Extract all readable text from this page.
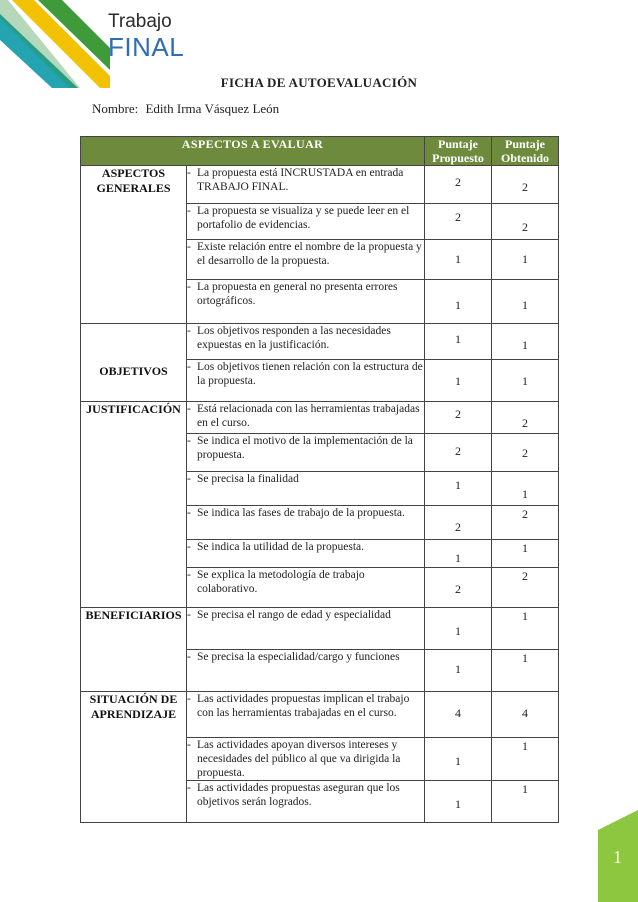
Trabajo
FINAL
FICHA DE AUTOEVALUACIÓN
Nombre: Edith Irma Vásquez León
ASPECTOS A EVALUAR		Puntaje Propuesto	Puntaje Obtenido
ASPECTOS GENERALES	- La propuesta está INCRUSTADA en entrada TRABAJO FINAL.	2	2

	- La propuesta se visualiza y se puede leer en el portafolio de evidencias.	2	2

	- Existe relación entre el nombre de la propuesta y el desarrollo de la propuesta.	1	1

	- La propuesta en general no presenta errores ortográficos.	1	1

OBJETIVOS	- Los objetivos responden a las necesidades expuestas en la justificación.	1	1

	- Los objetivos tienen relación con la estructura de la propuesta.	1	1

JUSTIFICACIÓN	- Está relacionada con las herramientas trabajadas en el curso.	2	2

	- Se indica el motivo de la implementación de la propuesta.	2	2

	- Se precisa la finalidad	1	1

	- Se indica las fases de trabajo de la propuesta.	2	2

	- Se indica la utilidad de la propuesta.	1	1

	- Se explica la metodología de trabajo colaborativo.	2	2

BENEFICIARIOS	- Se precisa el rango de edad y especialidad	1	1

	- Se precisa la especialidad/cargo y funciones	1	1

SITUACIÓN DE APRENDIZAJE	- Las actividades propuestas implican el trabajo con las herramientas trabajadas en el curso.	4	4

	- Las actividades apoyan diversos intereses y necesidades del público al que va dirigida la propuesta.	1	1

	- Las actividades propuestas aseguran que los objetivos serán logrados.	1	1
1
